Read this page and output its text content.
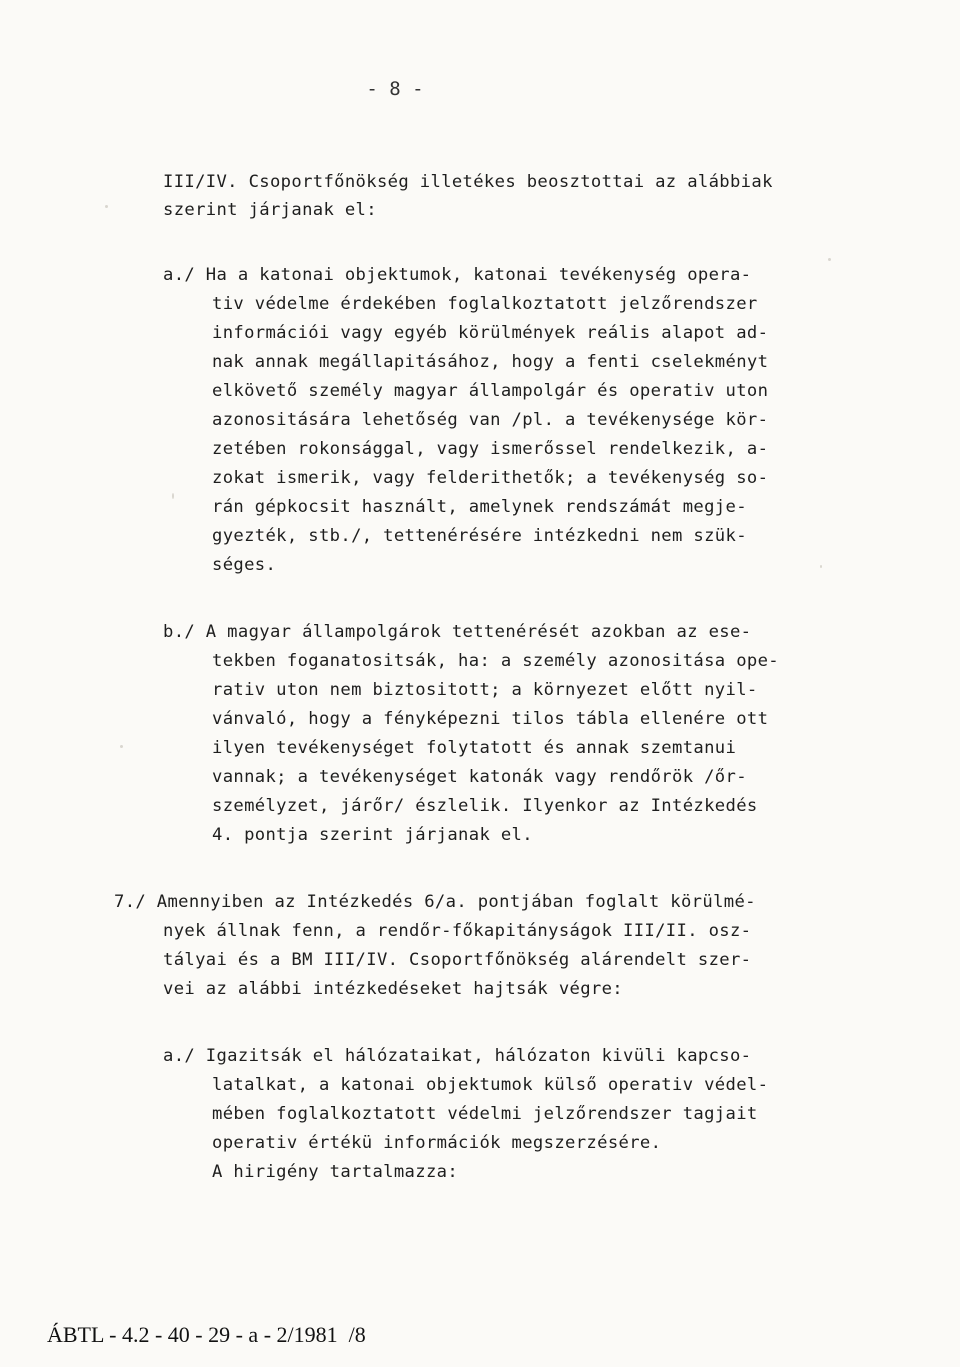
- 8 -
III/IV. Csoportfőnökség illetékes beosztottai az alábbiak
szerint járjanak el:
a./ Ha a katonai objektumok, katonai tevékenység opera-
tiv védelme érdekében foglalkoztatott jelzőrendszer
információi vagy egyéb körülmények reális alapot ad-
nak annak megállapitásához, hogy a fenti cselekményt
elkövető személy magyar állampolgár és operativ uton
azonositására lehetőség van /pl. a tevékenysége kör-
zetében rokonsággal, vagy ismerőssel rendelkezik, a-
zokat ismerik, vagy felderithetők; a tevékenység so-
rán gépkocsit használt, amelynek rendszámát megje-
gyezték, stb./, tettenérésére intézkedni nem szük-
séges.
b./ A magyar állampolgárok tettenérését azokban az ese-
tekben foganatositsák, ha: a személy azonositása ope-
rativ uton nem biztositott; a környezet előtt nyil-
vánvaló, hogy a fényképezni tilos tábla ellenére ott
ilyen tevékenységet folytatott és annak szemtanui
vannak; a tevékenységet katonák vagy rendőrök /őr-
személyzet, járőr/ észlelik. Ilyenkor az Intézkedés
4. pontja szerint járjanak el.
7./ Amennyiben az Intézkedés 6/a. pontjában foglalt körülmé-
nyek állnak fenn, a rendőr-főkapitányságok III/II. osz-
tályai és a BM III/IV. Csoportfőnökség alárendelt szer-
vei az alábbi intézkedéseket hajtsák végre:
a./ Igazitsák el hálózataikat, hálózaton kivüli kapcso-
latalkat, a katonai objektumok külső operativ védel-
mében foglalkoztatott védelmi jelzőrendszer tagjait
operativ értékü információk megszerzésére.
A hirigény tartalmazza:
ÁBTL - 4.2 - 40 - 29 - a - 2/1981  /8
